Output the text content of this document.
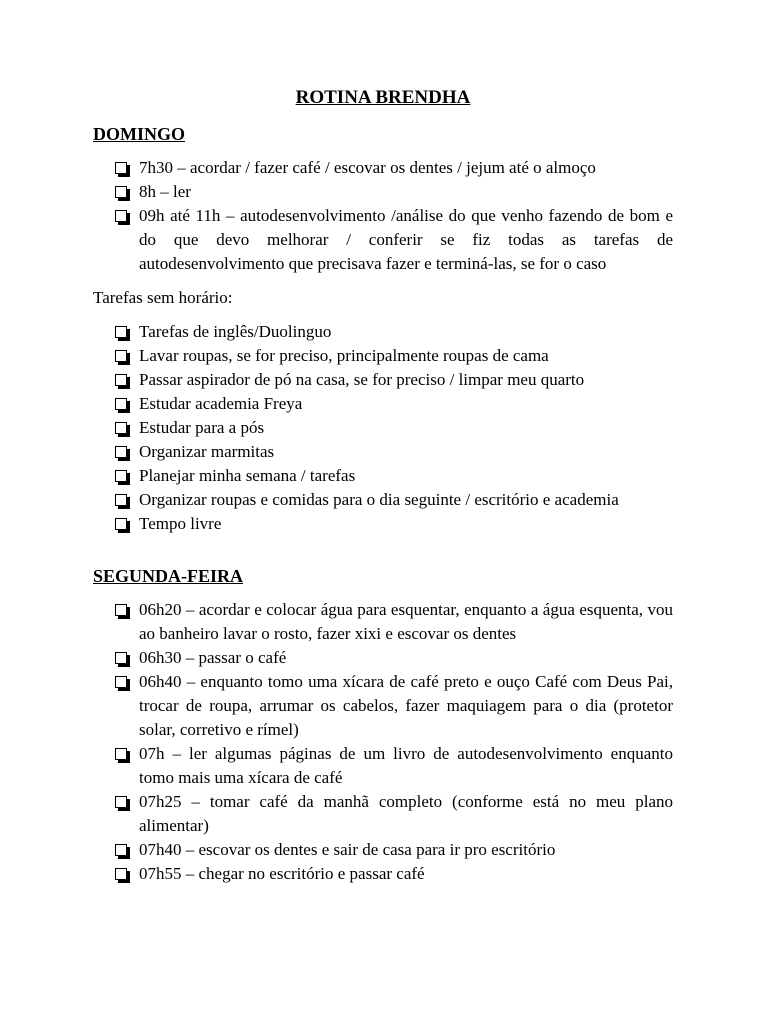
ROTINA BRENDHA
DOMINGO
7h30 – acordar / fazer café / escovar os dentes / jejum até o almoço
8h – ler
09h até 11h – autodesenvolvimento /análise do que venho fazendo de bom e do que devo melhorar / conferir se fiz todas as tarefas de autodesenvolvimento que precisava fazer e terminá-las, se for o caso

Tarefas sem horário:

Tarefas de inglês/Duolinguo
Lavar roupas, se for preciso, principalmente roupas de cama
Passar aspirador de pó na casa, se for preciso / limpar meu quarto
Estudar academia Freya
Estudar para a pós
Organizar marmitas
Planejar minha semana / tarefas
Organizar roupas e comidas para o dia seguinte / escritório e academia
Tempo livre
SEGUNDA-FEIRA
06h20 – acordar e colocar água para esquentar, enquanto a água esquenta, vou ao banheiro lavar o rosto, fazer xixi e escovar os dentes
06h30 – passar o café
06h40 – enquanto tomo uma xícara de café preto e ouço Café com Deus Pai, trocar de roupa, arrumar os cabelos, fazer maquiagem para o dia (protetor solar, corretivo e rímel)
07h – ler algumas páginas de um livro de autodesenvolvimento enquanto tomo mais uma xícara de café
07h25 – tomar café da manhã completo (conforme está no meu plano alimentar)
07h40 – escovar os dentes e sair de casa para ir pro escritório
07h55 – chegar no escritório e passar café
